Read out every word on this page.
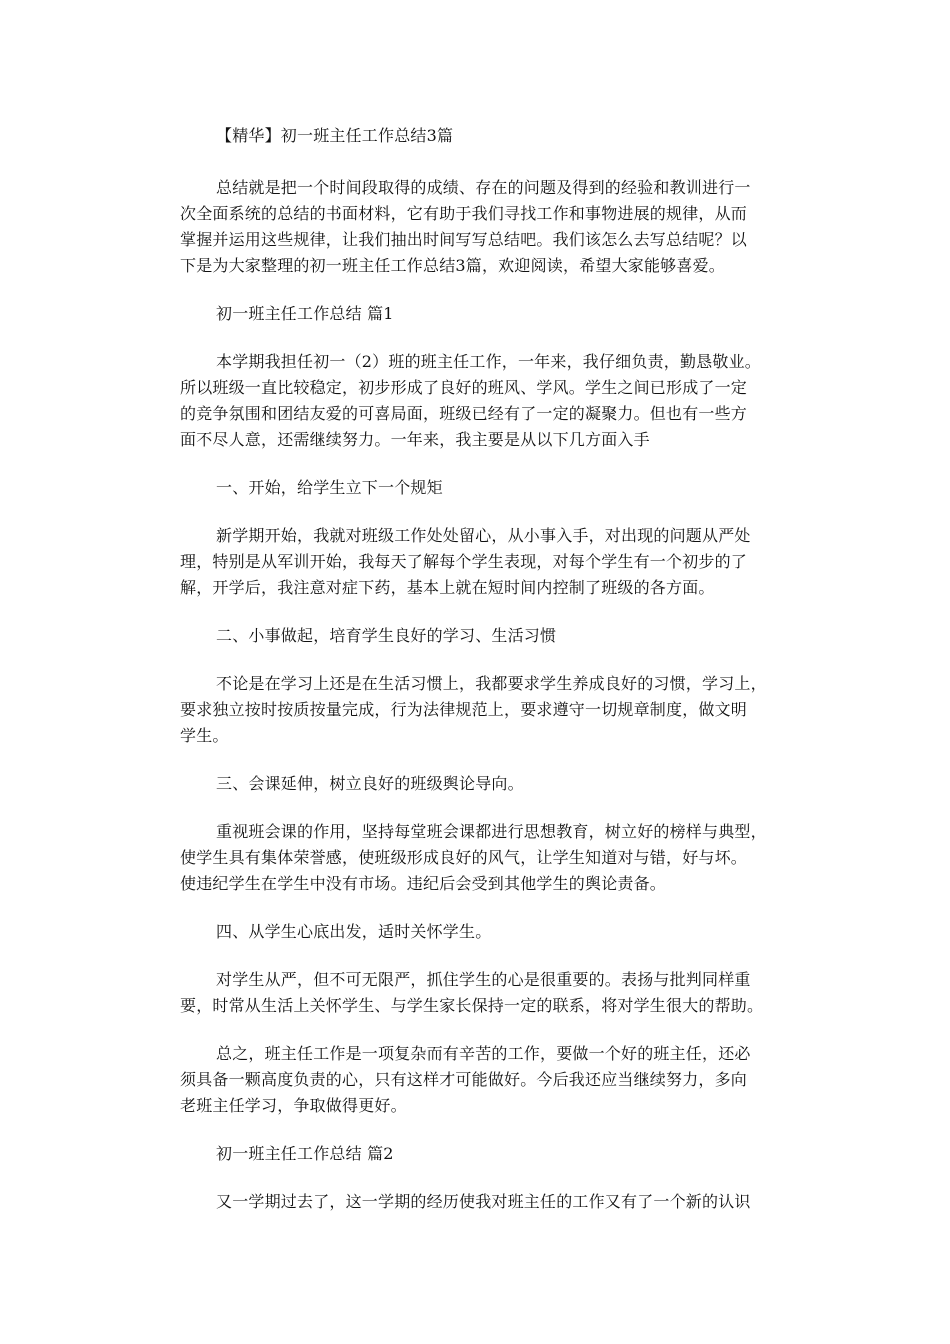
【精华】初一班主任工作总结3篇
总结就是把一个时间段取得的成绩、存在的问题及得到的经验和教训进行一
次全面系统的总结的书面材料，它有助于我们寻找工作和事物进展的规律，从而
掌握并运用这些规律，让我们抽出时间写写总结吧。我们该怎么去写总结呢？以
下是为大家整理的初一班主任工作总结3篇，欢迎阅读，希望大家能够喜爱。
初一班主任工作总结 篇1
本学期我担任初一（2）班的班主任工作，一年来，我仔细负责，勤恳敬业。
所以班级一直比较稳定，初步形成了良好的班风、学风。学生之间已形成了一定
的竞争氛围和团结友爱的可喜局面，班级已经有了一定的凝聚力。但也有一些方
面不尽人意，还需继续努力。一年来，我主要是从以下几方面入手
一、开始，给学生立下一个规矩
新学期开始，我就对班级工作处处留心，从小事入手，对出现的问题从严处
理，特别是从军训开始，我每天了解每个学生表现，对每个学生有一个初步的了
解，开学后，我注意对症下药，基本上就在短时间内控制了班级的各方面。
二、小事做起，培育学生良好的学习、生活习惯
不论是在学习上还是在生活习惯上，我都要求学生养成良好的习惯，学习上，
要求独立按时按质按量完成，行为法律规范上，要求遵守一切规章制度，做文明
学生。
三、会课延伸，树立良好的班级舆论导向。
重视班会课的作用，坚持每堂班会课都进行思想教育，树立好的榜样与典型，
使学生具有集体荣誉感，使班级形成良好的风气，让学生知道对与错，好与坏。
使违纪学生在学生中没有市场。违纪后会受到其他学生的舆论责备。
四、从学生心底出发，适时关怀学生。
对学生从严，但不可无限严，抓住学生的心是很重要的。表扬与批判同样重
要，时常从生活上关怀学生、与学生家长保持一定的联系，将对学生很大的帮助。
总之，班主任工作是一项复杂而有辛苦的工作，要做一个好的班主任，还必
须具备一颗高度负责的心，只有这样才可能做好。今后我还应当继续努力，多向
老班主任学习，争取做得更好。
初一班主任工作总结 篇2
又一学期过去了，这一学期的经历使我对班主任的工作又有了一个新的认识
